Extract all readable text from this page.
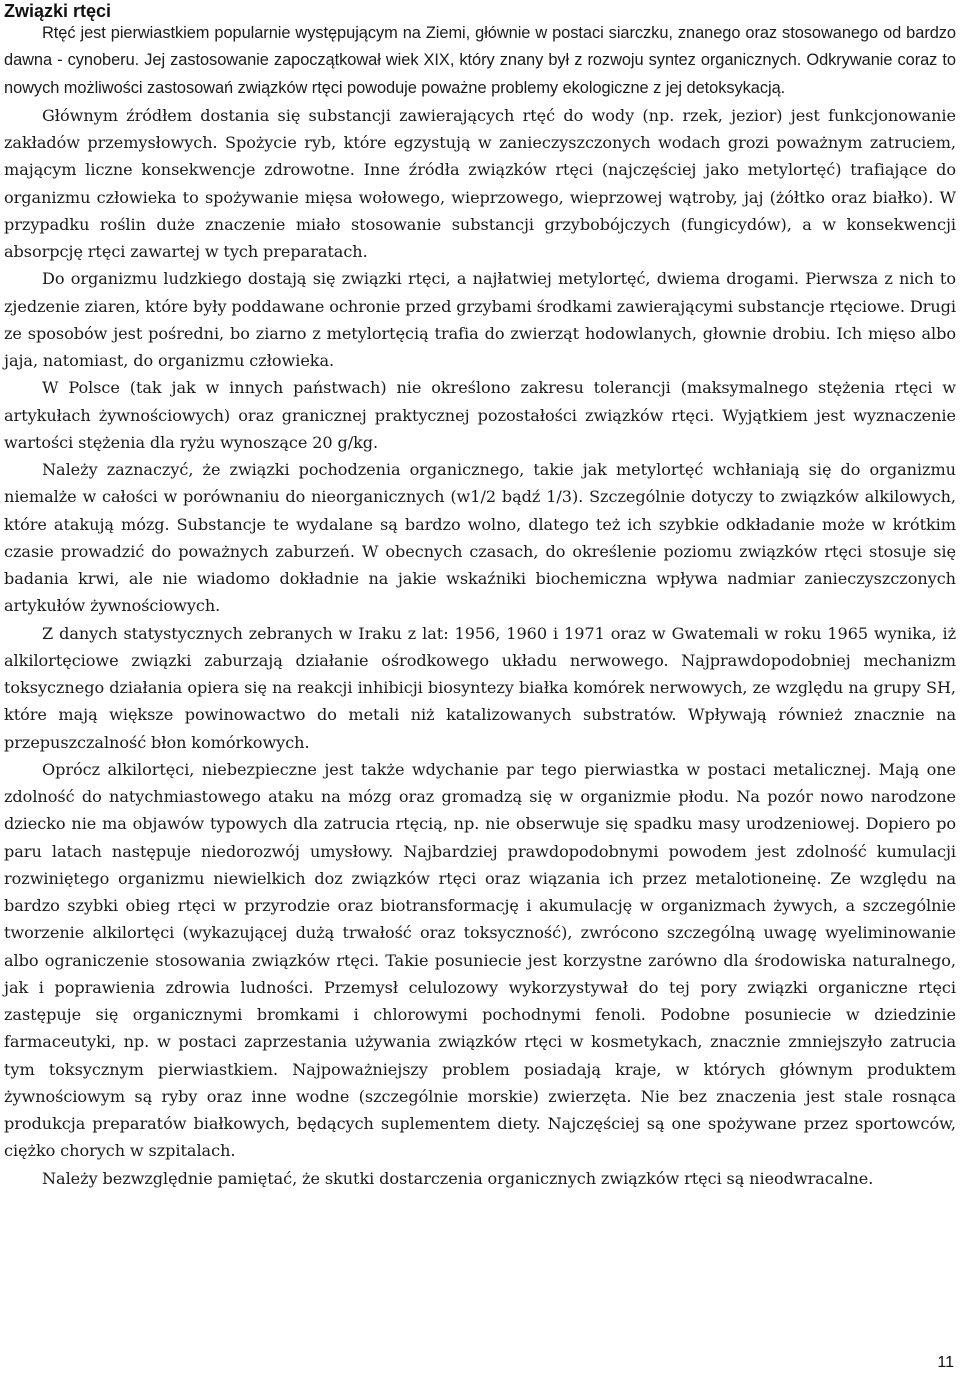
Związki rtęci

Rtęć jest pierwiastkiem popularnie występującym na Ziemi, głównie w postaci siarczku, znanego oraz stosowanego od bardzo dawna - cynoberu. Jej zastosowanie zapoczątkował wiek XIX, który znany był z rozwoju syntez organicznych. Odkrywanie coraz to nowych możliwości zastosowań związków rtęci powoduje poważne problemy ekologiczne z jej detoksykacją.

Głównym źródłem dostania się substancji zawierających rtęć do wody (np. rzek, jezior) jest funkcjonowanie zakładów przemysłowych. Spożycie ryb, które egzystują w zanieczyszczonych wodach grozi poważnym zatruciem, mającym liczne konsekwencje zdrowotne. Inne źródła związków rtęci (najczęściej jako metylortęć) trafiające do organizmu człowieka to spożywanie mięsa wołowego, wieprzowego, wieprzowej wątroby, jaj (żółtko oraz białko). W przypadku roślin duże znaczenie miało stosowanie substancji grzybobójczych (fungicydów), a w konsekwencji absorpcję rtęci zawartej w tych preparatach.

Do organizmu ludzkiego dostają się związki rtęci, a najłatwiej metylortęć, dwiema drogami. Pierwsza z nich to zjedzenie ziaren, które były poddawane ochronie przed grzybami środkami zawierającymi substancje rtęciowe. Drugi ze sposobów jest pośredni, bo ziarno z metylortęcią trafia do zwierząt hodowlanych, głownie drobiu. Ich mięso albo jaja, natomiast, do organizmu człowieka.

W Polsce (tak jak w innych państwach) nie określono zakresu tolerancji (maksymalnego stężenia rtęci w artykułach żywnościowych) oraz granicznej praktycznej pozostałości związków rtęci. Wyjątkiem jest wyznaczenie wartości stężenia dla ryżu wynoszące 20 g/kg.

Należy zaznaczyć, że związki pochodzenia organicznego, takie jak metylortęć wchłaniają się do organizmu niemalże w całości w porównaniu do nieorganicznych (w1/2 bądź 1/3). Szczególnie dotyczy to związków alkilowych, które atakują mózg. Substancje te wydalane są bardzo wolno, dlatego też ich szybkie odkładanie może w krótkim czasie prowadzić do poważnych zaburzeń. W obecnych czasach, do określenie poziomu związków rtęci stosuje się badania krwi, ale nie wiadomo dokładnie na jakie wskaźniki biochemiczna wpływa nadmiar zanieczyszczonych artykułów żywnościowych.

Z danych statystycznych zebranych w Iraku z lat: 1956, 1960 i 1971 oraz w Gwatemali w roku 1965 wynika, iż alkilortęciowe związki zaburzają działanie ośrodkowego układu nerwowego. Najprawdopodobniej mechanizm toksycznego działania opiera się na reakcji inhibicji biosyntezy białka komórek nerwowych, ze względu na grupy SH, które mają większe powinowactwo do metali niż katalizowanych substratów. Wpływają również znacznie na przepuszczalność błon komórkowych.

Oprócz alkilortęci, niebezpieczne jest także wdychanie par tego pierwiastka w postaci metalicznej. Mają one zdolność do natychmiastowego ataku na mózg oraz gromadzą się w organizmie płodu. Na pozór nowo narodzone dziecko nie ma objawów typowych dla zatrucia rtęcią, np. nie obserwuje się spadku masy urodzeniowej. Dopiero po paru latach następuje niedorozwój umysłowy. Najbardziej prawdopodobnymi powodem jest zdolność kumulacji rozwiniętego organizmu niewielkich doz związków rtęci oraz wiązania ich przez metalotioneinę. Ze względu na bardzo szybki obieg rtęci w przyrodzie oraz biotransformację i akumulację w organizmach żywych, a szczególnie tworzenie alkilortęci (wykazującej dużą trwałość oraz toksyczność), zwrócono szczególną uwagę wyeliminowanie albo ograniczenie stosowania związków rtęci. Takie posuniecie jest korzystne zarówno dla środowiska naturalnego, jak i poprawienia zdrowia ludności. Przemysł celulozowy wykorzystywał do tej pory związki organiczne rtęci zastępuje się organicznymi bromkami i chlorowymi pochodnymi fenoli. Podobne posuniecie w dziedzinie farmaceutyki, np. w postaci zaprzestania używania związków rtęci w kosmetykach, znacznie zmniejszyło zatrucia tym toksycznym pierwiastkiem. Najpoważniejszy problem posiadają kraje, w których głównym produktem żywnościowym są ryby oraz inne wodne (szczególnie morskie) zwierzęta. Nie bez znaczenia jest stale rosnąca produkcja preparatów białkowych, będących suplementem diety. Najczęściej są one spożywane przez sportowców, ciężko chorych w szpitalach.

Należy bezwzględnie pamiętać, że skutki dostarczenia organicznych związków rtęci są nieodwracalne.

11
